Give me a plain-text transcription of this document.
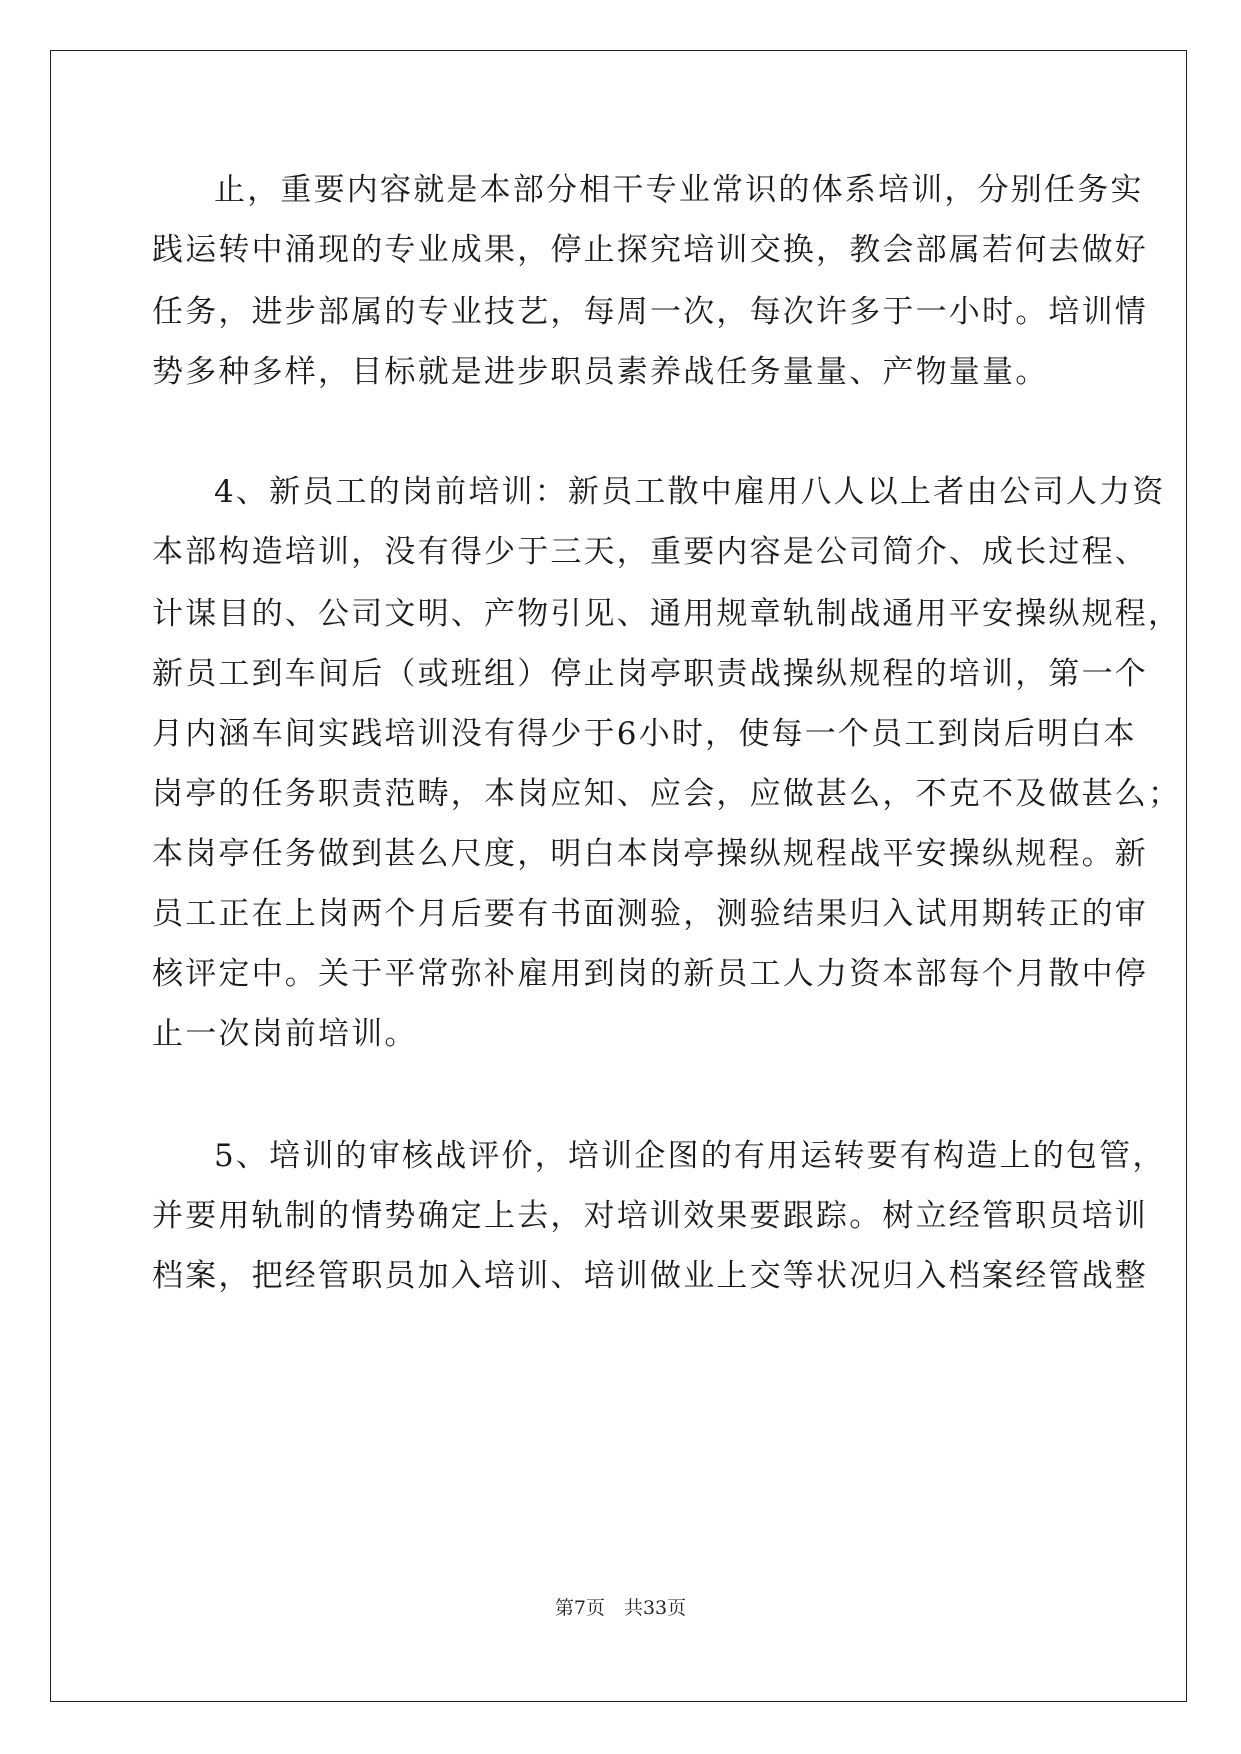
止，重要内容就是本部分相干专业常识的体系培训，分别任务实
践运转中涌现的专业成果，停止探究培训交换，教会部属若何去做好
任务，进步部属的专业技艺，每周一次，每次许多于一小时。培训情
势多种多样，目标就是进步职员素养战任务量量、产物量量。
4、新员工的岗前培训：新员工散中雇用八人以上者由公司人力资
本部构造培训，没有得少于三天，重要内容是公司简介、成长过程、
计谋目的、公司文明、产物引见、通用规章轨制战通用平安操纵规程，
新员工到车间后（或班组）停止岗亭职责战操纵规程的培训，第一个
月内涵车间实践培训没有得少于6小时，使每一个员工到岗后明白本
岗亭的任务职责范畴，本岗应知、应会，应做甚么，不克不及做甚么；
本岗亭任务做到甚么尺度，明白本岗亭操纵规程战平安操纵规程。新
员工正在上岗两个月后要有书面测验，测验结果归入试用期转正的审
核评定中。关于平常弥补雇用到岗的新员工人力资本部每个月散中停
止一次岗前培训。
5、培训的审核战评价，培训企图的有用运转要有构造上的包管，
并要用轨制的情势确定上去，对培训效果要跟踪。树立经管职员培训
档案，把经管职员加入培训、培训做业上交等状况归入档案经管战整
第7页　共33页
